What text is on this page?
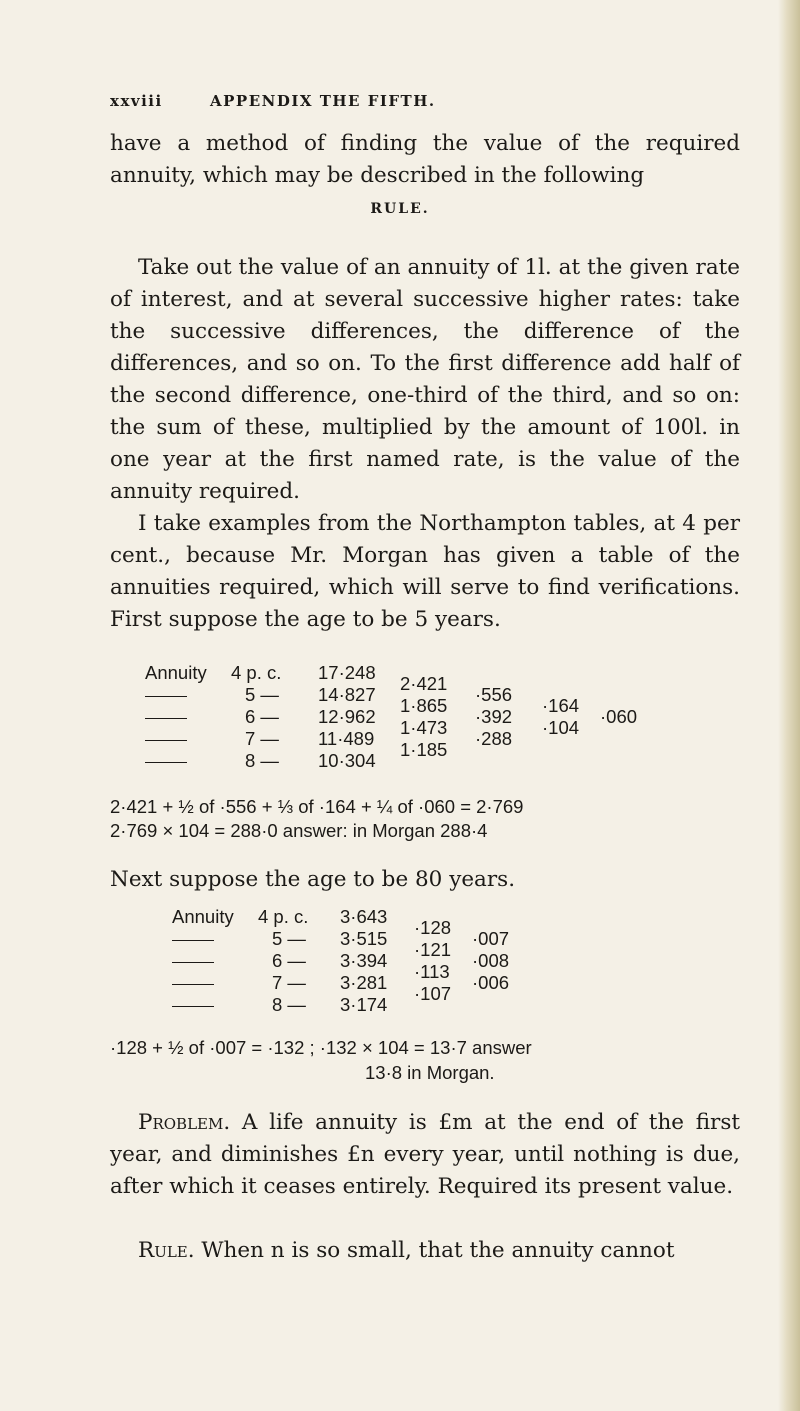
xxviii	APPENDIX THE FIFTH.

have a method of finding the value of the required annuity, which may be described in the following

RULE.

Take out the value of an annuity of 1l. at the given rate of interest, and at several successive higher rates: take the successive differences, the difference of the differences, and so on. To the first difference add half of the second difference, one-third of the third, and so on: the sum of these, multiplied by the amount of 100l. in one year at the first named rate, is the value of the annuity required.

I take examples from the Northampton tables, at 4 per cent., because Mr. Morgan has given a table of the annuities required, which will serve to find verifications. First suppose the age to be 5 years.

Annuity 4 p. c.
5 —
6 —
7 —
8 —
17·248
14·827
12·962
11·489
10·304
2·421
1·865
1·473
1·185
·556
·392
·288
·164
·104
·060
2·421 + ½ of ·556 + ⅓ of ·164 + ¼ of ·060 = 2·769
2·769 × 104 = 288·0 answer: in Morgan 288·4

Next suppose the age to be 80 years.

Annuity 4 p. c.
5 —
6 —
7 —
8 —
3·643
3·515
3·394
3·281
3·174
·128
·121
·113
·107
·007
·008
·006
·128 + ½ of ·007 = ·132 ; ·132 × 104 = 13·7 answer
13·8 in Morgan.

Problem. A life annuity is £m at the end of the first year, and diminishes £n every year, until nothing is due, after which it ceases entirely. Required its present value.

Rule. When n is so small, that the annuity cannot
